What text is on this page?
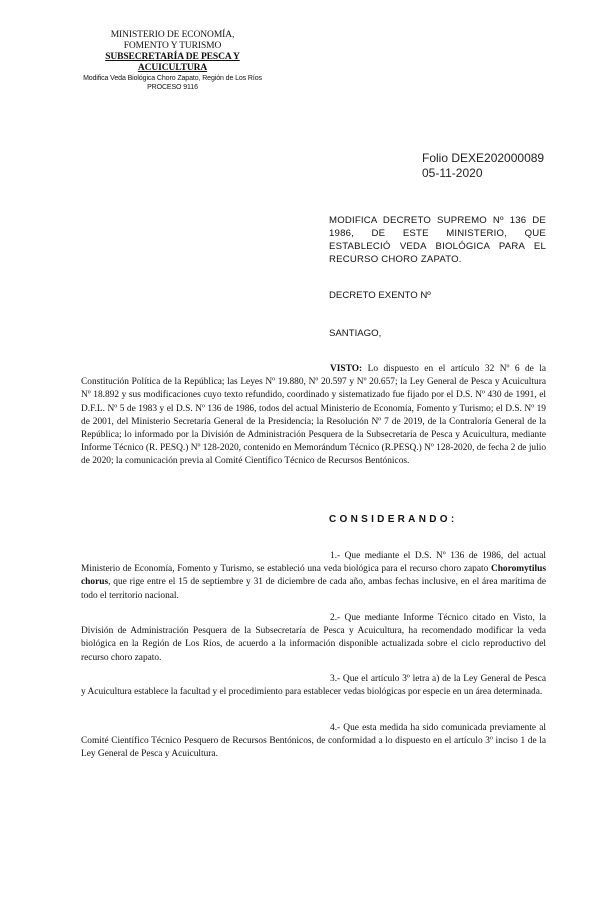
MINISTERIO DE ECONOMÍA,
FOMENTO Y TURISMO
SUBSECRETARÍA DE PESCA Y
ACUICULTURA
Modifica Veda Biológica Choro Zapato, Región de Los Ríos
PROCESO 9116
Folio DEXE202000089
05-11-2020
MODIFICA DECRETO SUPREMO Nº 136 DE 1986, DE ESTE MINISTERIO, QUE ESTABLECIÓ VEDA BIOLÓGICA PARA EL RECURSO CHORO ZAPATO.
DECRETO EXENTO Nº
SANTIAGO,
VISTO: Lo dispuesto en el artículo 32 Nº 6 de la Constitución Política de la República; las Leyes Nº 19.880, Nº 20.597 y Nº 20.657; la Ley General de Pesca y Acuicultura Nº 18.892 y sus modificaciones cuyo texto refundido, coordinado y sistematizado fue fijado por el D.S. Nº 430 de 1991, el D.F.L. Nº 5 de 1983 y el D.S. Nº 136 de 1986, todos del actual Ministerio de Economía, Fomento y Turismo; el D.S. Nº 19 de 2001, del Ministerio Secretaría General de la Presidencia; la Resolución Nº 7 de 2019, de la Contraloría General de la República; lo informado por la División de Administración Pesquera de la Subsecretaría de Pesca y Acuicultura, mediante Informe Técnico (R. PESQ.) Nº 128-2020, contenido en Memorándum Técnico (R.PESQ.) Nº 128-2020, de fecha 2 de julio de 2020; la comunicación previa al Comité Científico Técnico de Recursos Bentónicos.
CONSIDERANDO:
1.- Que mediante el D.S. Nº 136 de 1986, del actual Ministerio de Economía, Fomento y Turismo, se estableció una veda biológica para el recurso choro zapato Choromytilus chorus, que rige entre el 15 de septiembre y 31 de diciembre de cada año, ambas fechas inclusive, en el área marítima de todo el territorio nacional.
2.- Que mediante Informe Técnico citado en Visto, la División de Administración Pesquera de la Subsecretaría de Pesca y Acuicultura, ha recomendado modificar la veda biológica en la Región de Los Ríos, de acuerdo a la información disponible actualizada sobre el ciclo reproductivo del recurso choro zapato.
3.- Que el artículo 3º letra a) de la Ley General de Pesca y Acuicultura establece la facultad y el procedimiento para establecer vedas biológicas por especie en un área determinada.
4.- Que esta medida ha sido comunicada previamente al Comité Científico Técnico Pesquero de Recursos Bentónicos, de conformidad a lo dispuesto en el artículo 3º inciso 1 de la Ley General de Pesca y Acuicultura.
